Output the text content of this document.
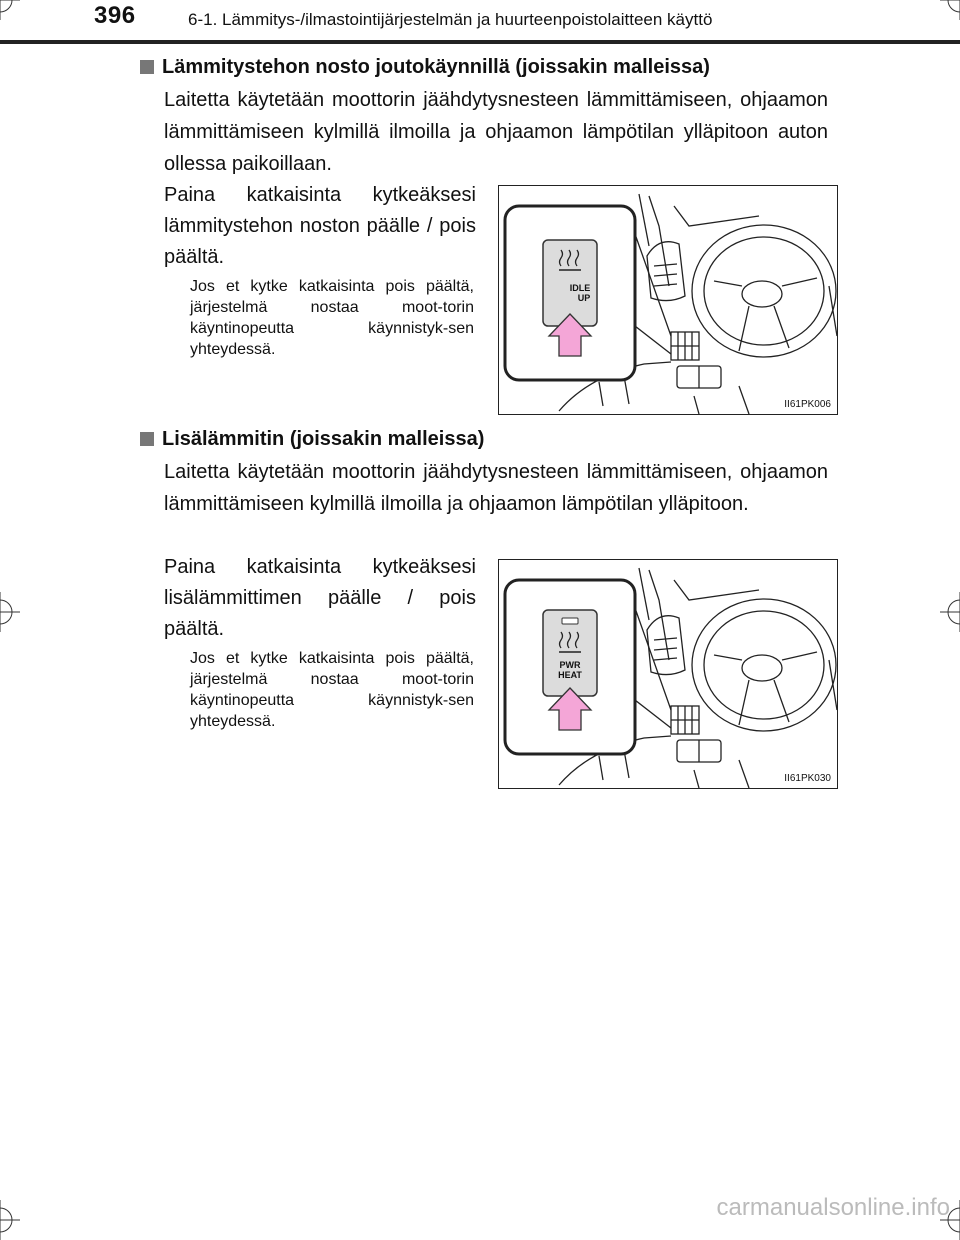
396	6-1. Lämmitys-/ilmastointijärjestelmän ja huurteenpoistolaitteen käyttö
Lämmitystehon nosto joutokäynnillä (joissakin malleissa)
Laitetta käytetään moottorin jäähdytysnesteen lämmittämiseen, ohjaamon lämmittämiseen kylmillä ilmoilla ja ohjaamon lämpötilan ylläpitoon auton ollessa paikoillaan.
Paina katkaisinta kytkeäksesi lämmitystehon noston päälle / pois päältä.
Jos et kytke katkaisinta pois päältä, järjestelmä nostaa moot-torin käyntinopeutta käynnistyk-sen yhteydessä.
IDLE
UP
II61PK006
Lisälämmitin (joissakin malleissa)
Laitetta käytetään moottorin jäähdytysnesteen lämmittämiseen, ohjaamon lämmittämiseen kylmillä ilmoilla ja ohjaamon lämpötilan ylläpitoon.
Paina katkaisinta kytkeäksesi lisälämmittimen päälle / pois päältä.
Jos et kytke katkaisinta pois päältä, järjestelmä nostaa moot-torin käyntinopeutta käynnistyk-sen yhteydessä.
PWR
HEAT
II61PK030
carmanualsonline.info
